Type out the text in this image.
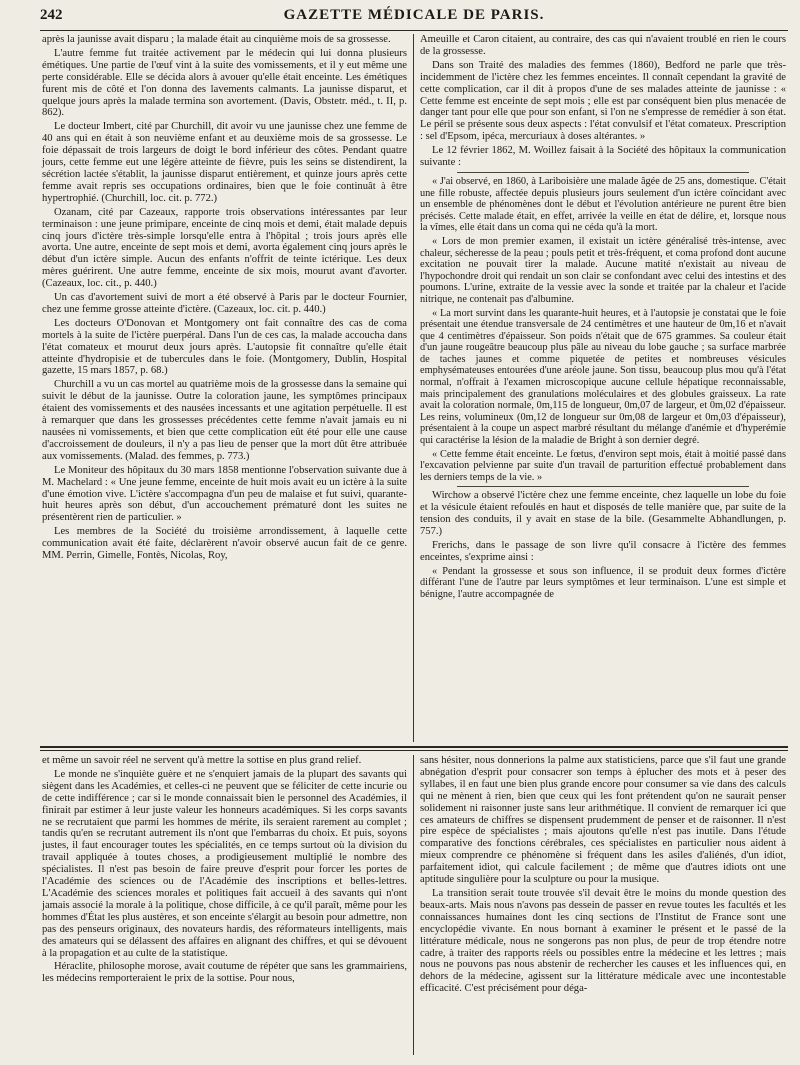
242	GAZETTE MÉDICALE DE PARIS.

après la jaunisse avait disparu ; la malade était au cinquième mois de sa grossesse.

L'autre femme fut traitée activement par le médecin qui lui donna plusieurs émétiques. Une partie de l'œuf vint à la suite des vomissements, et il y eut même une perte considérable. Elle se décida alors à avouer qu'elle était enceinte. Les émétiques furent mis de côté et l'on donna des lavements calmants. La jaunisse disparut, et quelque jours après la malade termina son avortement. (Davis, Obstetr. méd., t. II, p. 862).

Le docteur Imbert, cité par Churchill, dit avoir vu une jaunisse chez une femme de 40 ans qui en était à son neuvième enfant et au deuxième mois de sa grossesse. Le foie dépassait de trois largeurs de doigt le bord inférieur des côtes. Pendant quatre jours, cette femme eut une légère atteinte de fièvre, puis les seins se distendirent, la sécrétion lactée s'établit, la jaunisse disparut entièrement, et quinze jours après cette femme avait repris ses occupations ordinaires, bien que le foie continuât à être hypertrophié. (Churchill, loc. cit. p. 772.)

Ozanam, cité par Cazeaux, rapporte trois observations intéressantes par leur terminaison : une jeune primipare, enceinte de cinq mois et demi, était malade depuis cinq jours d'ictère très-simple lorsqu'elle entra à l'hôpital ; trois jours après elle avorta. Une autre, enceinte de sept mois et demi, avorta également cinq jours après le début d'un ictère simple. Aucun des enfants n'offrit de teinte ictérique. Les deux mères guérirent. Une autre femme, enceinte de six mois, mourut avant d'avorter. (Cazeaux, loc. cit., p. 440.)

Un cas d'avortement suivi de mort a été observé à Paris par le docteur Fournier, chez une femme grosse atteinte d'ictère. (Cazeaux, loc. cit. p. 440.)

Les docteurs O'Donovan et Montgomery ont fait connaître des cas de coma mortels à la suite de l'ictère puerpéral. Dans l'un de ces cas, la malade accoucha dans l'état comateux et mourut deux jours après. L'autopsie fit connaître qu'elle était atteinte d'hydropisie et de tubercules dans le foie. (Montgomery, Dublin, Hospital gazette, 15 mars 1857, p. 68.)

Churchill a vu un cas mortel au quatrième mois de la grossesse dans la semaine qui suivit le début de la jaunisse. Outre la coloration jaune, les symptômes principaux étaient des vomissements et des nausées incessants et une agitation perpétuelle. Il est à remarquer que dans les grossesses précédentes cette femme n'avait jamais eu ni nausées ni vomissements, et bien que cette complication eût été pour elle une cause d'accroissement de douleurs, il n'y a pas lieu de penser que la mort dût être attribuée aux vomissements. (Malad. des femmes, p. 773.)

Le Moniteur des hôpitaux du 30 mars 1858 mentionne l'observation suivante due à M. Machelard : « Une jeune femme, enceinte de huit mois avait eu un ictère à la suite d'une émotion vive. L'ictère s'accompagna d'un peu de malaise et fut suivi, quarante-huit heures après son début, d'un accouchement prématuré dont les suites ne présentèrent rien de particulier. »

Les membres de la Société du troisième arrondissement, à laquelle cette communication avait été faite, déclarèrent n'avoir observé aucun fait de ce genre. MM. Perrin, Gimelle, Fontès, Nicolas, Roy,

Ameuille et Caron citaient, au contraire, des cas qui n'avaient troublé en rien le cours de la grossesse.

Dans son Traité des maladies des femmes (1860), Bedford ne parle que très-incidemment de l'ictère chez les femmes enceintes. Il connaît cependant la gravité de cette complication, car il dit à propos d'une de ses malades atteinte de jaunisse : « Cette femme est enceinte de sept mois ; elle est par conséquent bien plus menacée de danger tant pour elle que pour son enfant, si l'on ne s'empresse de remédier à son état. Le péril se présente sous deux aspects : l'état convulsif et l'état comateux. Prescription : sel d'Epsom, ipéca, mercuriaux à doses altérantes. »

Le 12 février 1862, M. Woillez faisait à la Société des hôpitaux la communication suivante :

« J'ai observé, en 1860, à Lariboisière une malade âgée de 25 ans, domestique. C'était une fille robuste, affectée depuis plusieurs jours seulement d'un ictère coïncidant avec un ensemble de phénomènes dont le début et l'évolution antérieure ne purent être bien précisés. Cette malade était, en effet, arrivée la veille en état de délire, et, lorsque nous la vîmes, elle était dans un coma qui ne céda qu'à la mort.

« Lors de mon premier examen, il existait un ictère généralisé très-intense, avec chaleur, sécheresse de la peau ; pouls petit et très-fréquent, et coma profond dont aucune excitation ne pouvait tirer la malade. Aucune matité n'existait au niveau de l'hypochondre droit qui rendait un son clair se confondant avec celui des intestins et des poumons. L'urine, extraite de la vessie avec la sonde et traitée par la chaleur et l'acide nitrique, ne contenait pas d'albumine.

« La mort survint dans les quarante-huit heures, et à l'autopsie je constatai que le foie présentait une étendue transversale de 24 centimètres et une hauteur de 0m,16 et n'avait que 4 centimètres d'épaisseur. Son poids n'était que de 675 grammes. Sa couleur était d'un jaune rougeâtre beaucoup plus pâle au niveau du lobe gauche ; sa surface marbrée de taches jaunes et comme piquetée de petites et nombreuses vésicules emphysémateuses entourées d'une aréole jaune. Son tissu, beaucoup plus mou qu'à l'état normal, n'offrait à l'examen microscopique aucune cellule hépatique reconnaissable, mais principalement des granulations moléculaires et des globules graisseux. La rate avait la coloration normale, 0m,115 de longueur, 0m,07 de largeur, et 0m,02 d'épaisseur. Les reins, volumineux (0m,12 de longueur sur 0m,08 de largeur et 0m,03 d'épaisseur), présentaient à la coupe un aspect marbré résultant du mélange d'anémie et d'hyperémie qui caractérise la lésion de la maladie de Bright à son dernier degré.

« Cette femme était enceinte. Le fœtus, d'environ sept mois, était à moitié passé dans l'excavation pelvienne par suite d'un travail de parturition effectué probablement dans les derniers temps de la vie. »

Wirchow a observé l'ictère chez une femme enceinte, chez laquelle un lobe du foie et la vésicule étaient refoulés en haut et disposés de telle manière que, par suite de la tension des conduits, il y avait en stase de la bile. (Gesammelte Abhandlungen, p. 757.)

Frerichs, dans le passage de son livre qu'il consacre à l'ictère des femmes enceintes, s'exprime ainsi :

« Pendant la grossesse et sous son influence, il se produit deux formes d'ictère différant l'une de l'autre par leurs symptômes et leur terminaison. L'une est simple et bénigne, l'autre accompagnée de

et même un savoir réel ne servent qu'à mettre la sottise en plus grand relief.

Le monde ne s'inquiète guère et ne s'enquiert jamais de la plupart des savants qui siègent dans les Académies, et celles-ci ne peuvent que se féliciter de cette incurie ou de cette indifférence ; car si le monde connaissait bien le personnel des Académies, il finirait par estimer à leur juste valeur les honneurs académiques. Si les corps savants ne se recrutaient que parmi les hommes de mérite, ils seraient rarement au complet ; tandis qu'en se recrutant autrement ils n'ont que l'embarras du choix. Et puis, soyons justes, il faut encourager toutes les spécialités, en ce temps surtout où la division du travail appliquée à toutes choses, a prodigieusement multiplié le nombre des spécialistes. Il n'est pas besoin de faire preuve d'esprit pour forcer les portes de l'Académie des sciences ou de l'Académie des inscriptions et belles-lettres. L'Académie des sciences morales et politiques fait accueil à des savants qui n'ont jamais associé la morale à la politique, chose difficile, à ce qu'il paraît, même pour les hommes d'État les plus austères, et son enceinte s'élargit au besoin pour admettre, non pas des penseurs originaux, des novateurs hardis, des réformateurs intelligents, mais des amateurs qui se délassent des affaires en alignant des chiffres, et qui se dévouent à la propagation et au culte de la statistique.

Héraclite, philosophe morose, avait coutume de répéter que sans les grammairiens, les médecins remporteraient le prix de la sottise. Pour nous,

sans hésiter, nous donnerions la palme aux statisticiens, parce que s'il faut une grande abnégation d'esprit pour consacrer son temps à éplucher des mots et à peser des syllabes, il en faut une bien plus grande encore pour consumer sa vie dans des calculs qui ne mènent à rien, bien que ceux qui les font prétendent qu'on ne saurait penser solidement ni raisonner juste sans leur arithmétique. Il convient de remarquer ici que ces amateurs de chiffres se dispensent prudemment de penser et de raisonner. Il n'est pire espèce de spécialistes ; mais ajoutons qu'elle n'est pas inutile. Dans l'étude comparative des fonctions cérébrales, ces spécialistes en particulier nous aident à mieux comprendre ce phénomène si fréquent dans les asiles d'aliénés, d'un idiot, parfaitement idiot, qui calcule facilement ; de même que d'autres idiots ont une aptitude singulière pour la sculpture ou pour la musique.

La transition serait toute trouvée s'il devait être le moins du monde question des beaux-arts. Mais nous n'avons pas dessein de passer en revue toutes les facultés et les connaissances humaines dont les cinq sections de l'Institut de France sont une encyclopédie vivante. En nous bornant à examiner le présent et le passé de la littérature médicale, nous ne songerons pas non plus, de peur de trop étendre notre cadre, à traiter des rapports réels ou possibles entre la médecine et les lettres ; mais nous ne pouvons pas nous abstenir de rechercher les causes et les influences qui, en dehors de la médecine, agissent sur la littérature médicale avec une incontestable efficacité. C'est précisément pour déga-
